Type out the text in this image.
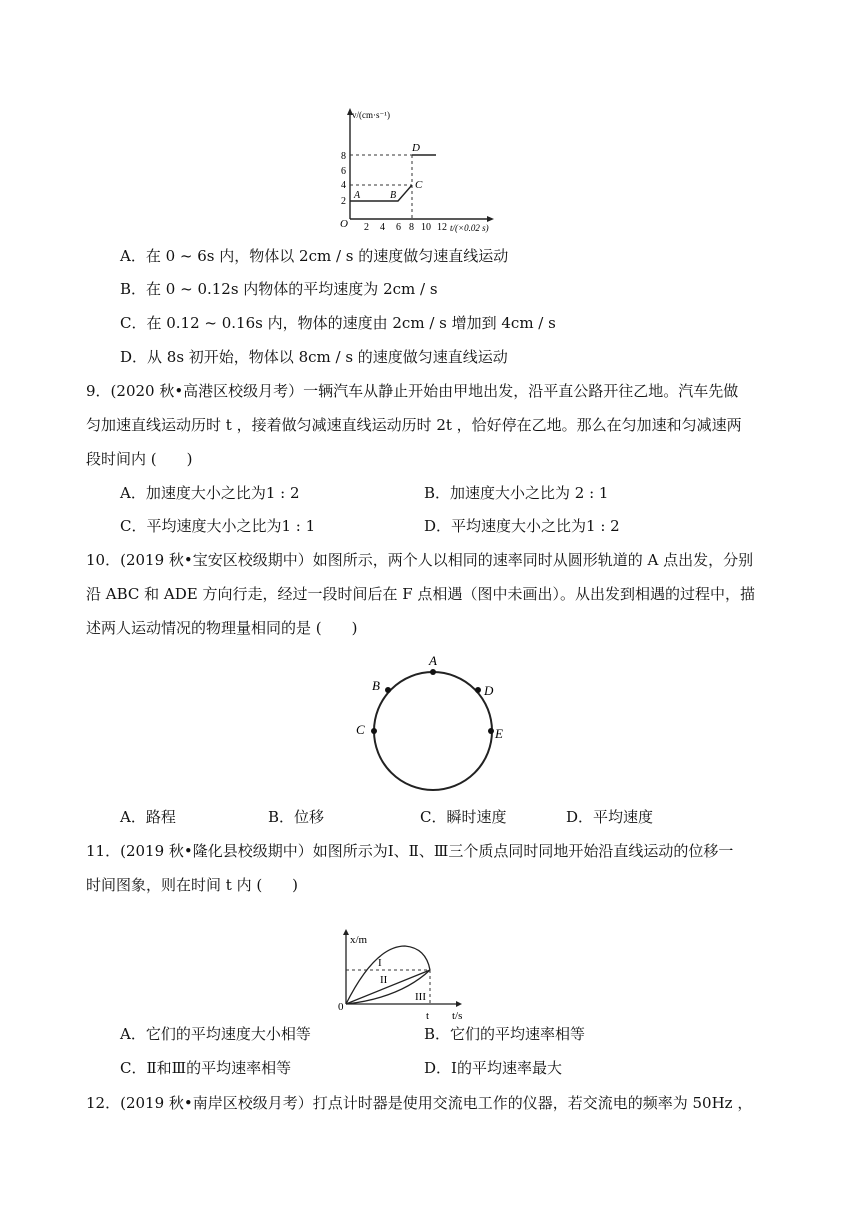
v/(cm·s⁻¹)
t/(×0.02 s)
O
2
4
6
8
2 4 6 8 10 12
A	B
C
D
A．在 0 ~ 6s 内，物体以 2cm / s 的速度做匀速直线运动
B．在 0 ~ 0.12s 内物体的平均速度为 2cm / s
C．在 0.12 ~ 0.16s 内，物体的速度由 2cm / s 增加到 4cm / s
D．从 8s 初开始，物体以 8cm / s 的速度做匀速直线运动
9．(2020 秋•高港区校级月考）一辆汽车从静止开始由甲地出发，沿平直公路开往乙地。汽车先做
匀加速直线运动历时 t ，接着做匀减速直线运动历时 2t ，恰好停在乙地。那么在匀加速和匀减速两
段时间内 (　　)
A．加速度大小之比为1 : 2	B．加速度大小之比为 2 : 1
C．平均速度大小之比为1 : 1	D．平均速度大小之比为1 : 2
10．(2019 秋•宝安区校级期中）如图所示，两个人以相同的速率同时从圆形轨道的 A 点出发，分别
沿 ABC 和 ADE 方向行走，经过一段时间后在 F 点相遇（图中未画出）。从出发到相遇的过程中，描
述两人运动情况的物理量相同的是 (　　)
A
B
C
D
E
A．路程	B．位移	C．瞬时速度	D．平均速度
11．(2019 秋•隆化县校级期中）如图所示为Ⅰ、Ⅱ、Ⅲ三个质点同时同地开始沿直线运动的位移一
时间图象，则在时间 t 内 (　　)
x/m
t/s
0
t
I
II
III
A．它们的平均速度大小相等	B．它们的平均速率相等
C．Ⅱ和Ⅲ的平均速率相等	D．Ⅰ的平均速率最大
12．(2019 秋•南岸区校级月考）打点计时器是使用交流电工作的仪器，若交流电的频率为 50Hz ，
